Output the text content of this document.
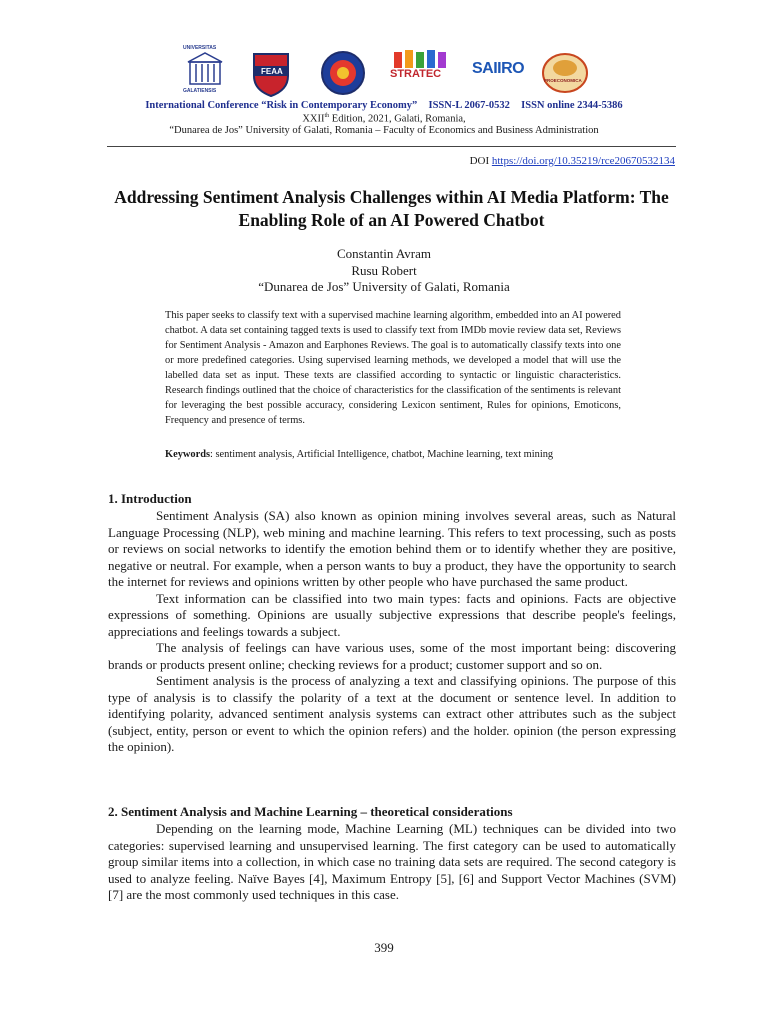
UNIVERSITAS
GALATIENSIS
FEAA	STRATEC SAIIRO
PROECONOMICA
International Conference “Risk in Contemporary Economy” ISSN-L 2067-0532 ISSN online 2344-5386
XXIIth Edition, 2021, Galati, Romania,
“Dunarea de Jos” University of Galati, Romania – Faculty of Economics and Business Administration
DOI https://doi.org/10.35219/rce20670532134
Addressing Sentiment Analysis Challenges within AI Media Platform: The Enabling Role of an AI Powered Chatbot
Constantin Avram
Rusu Robert
“Dunarea de Jos” University of Galati, Romania
This paper seeks to classify text with a supervised machine learning algorithm, embedded into an AI powered chatbot. A data set containing tagged texts is used to classify text from IMDb movie review data set, Reviews for Sentiment Analysis - Amazon and Earphones Reviews. The goal is to automatically classify texts into one or more predefined categories. Using supervised learning methods, we developed a model that will use the labelled data set as input. These texts are classified according to syntactic or linguistic characteristics. Research findings outlined that the choice of characteristics for the classification of the sentiments is relevant for leveraging the best possible accuracy, considering Lexicon sentiment, Rules for opinions, Emoticons, Frequency and presence of terms.
Keywords: sentiment analysis, Artificial Intelligence, chatbot, Machine learning, text mining
1. Introduction

Sentiment Analysis (SA) also known as opinion mining involves several areas, such as Natural Language Processing (NLP), web mining and machine learning. This refers to text processing, such as posts or reviews on social networks to identify the emotion behind them or to identify whether they are positive, negative or neutral. For example, when a person wants to buy a product, they have the opportunity to search the internet for reviews and opinions written by other people who have purchased the same product.

Text information can be classified into two main types: facts and opinions. Facts are objective expressions of something. Opinions are usually subjective expressions that describe people's feelings, appreciations and feelings towards a subject.

The analysis of feelings can have various uses, some of the most important being: discovering brands or products present online; checking reviews for a product; customer support and so on.

Sentiment analysis is the process of analyzing a text and classifying opinions. The purpose of this type of analysis is to classify the polarity of a text at the document or sentence level. In addition to identifying polarity, advanced sentiment analysis systems can extract other attributes such as the subject (subject, entity, person or event to which the opinion refers) and the holder. opinion (the person expressing the opinion).

2. Sentiment Analysis and Machine Learning – theoretical considerations

Depending on the learning mode, Machine Learning (ML) techniques can be divided into two categories: supervised learning and unsupervised learning. The first category can be used to automatically group similar items into a collection, in which case no training data sets are required. The second category is used to analyze feeling. Naïve Bayes [4], Maximum Entropy [5], [6] and Support Vector Machines (SVM) [7] are the most commonly used techniques in this case.

399
